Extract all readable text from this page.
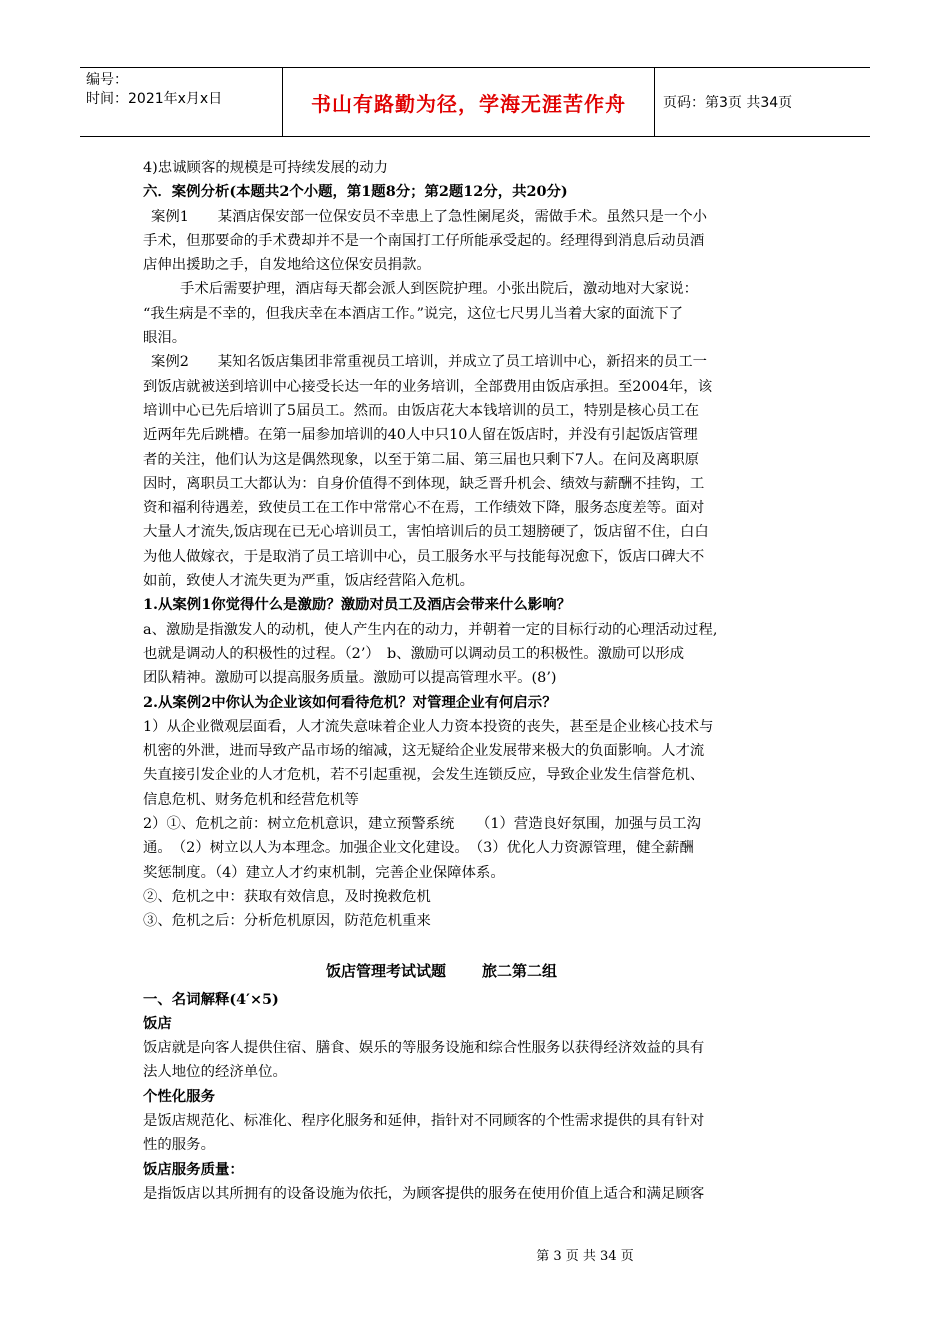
编号：
时间：2021年x月x日	书山有路勤为径，学海无涯苦作舟	页码：第3页 共34页
4)忠诚顾客的规模是可持续发展的动力
六．案例分析(本题共2个小题，第1题8分；第2题12分，共20分)
案例1　　某酒店保安部一位保安员不幸患上了急性阑尾炎，需做手术。虽然只是一个小
手术，但那要命的手术费却并不是一个南国打工仔所能承受起的。经理得到消息后动员酒
店伸出援助之手，自发地给这位保安员捐款。
手术后需要护理，酒店每天都会派人到医院护理。小张出院后，激动地对大家说：
“我生病是不幸的，但我庆幸在本酒店工作。”说完，这位七尺男儿当着大家的面流下了
眼泪。
案例2　　某知名饭店集团非常重视员工培训，并成立了员工培训中心，新招来的员工一
到饭店就被送到培训中心接受长达一年的业务培训，全部费用由饭店承担。至2004年，该
培训中心已先后培训了5届员工。然而。由饭店花大本钱培训的员工，特别是核心员工在
近两年先后跳槽。在第一届参加培训的40人中只10人留在饭店时，并没有引起饭店管理
者的关注，他们认为这是偶然现象，以至于第二届、第三届也只剩下7人。在问及离职原
因时，离职员工大都认为：自身价值得不到体现，缺乏晋升机会、绩效与薪酬不挂钩，工
资和福利待遇差，致使员工在工作中常常心不在焉，工作绩效下降，服务态度差等。面对
大量人才流失,饭店现在已无心培训员工，害怕培训后的员工翅膀硬了，饭店留不住，白白
为他人做嫁衣，于是取消了员工培训中心，员工服务水平与技能每况愈下，饭店口碑大不
如前，致使人才流失更为严重，饭店经营陷入危机。
1.从案例1你觉得什么是激励？激励对员工及酒店会带来什么影响？
a、激励是指激发人的动机，使人产生内在的动力，并朝着一定的目标行动的心理活动过程,
也就是调动人的积极性的过程。（2’）　b、激励可以调动员工的积极性。激励可以形成
团队精神。激励可以提高服务质量。激励可以提高管理水平。(8’)
2.从案例2中你认为企业该如何看待危机？对管理企业有何启示？
1）从企业微观层面看，人才流失意味着企业人力资本投资的丧失，甚至是企业核心技术与
机密的外泄，进而导致产品市场的缩减，这无疑给企业发展带来极大的负面影响。人才流
失直接引发企业的人才危机，若不引起重视，会发生连锁反应，导致企业发生信誉危机、
信息危机、财务危机和经营危机等
2）①、危机之前：树立危机意识，建立预警系统　　（1）营造良好氛围，加强与员工沟
通。　（2）树立以人为本理念。加强企业文化建设。　（3）优化人力资源管理，健全薪酬
奖惩制度。（4）建立人才约束机制，完善企业保障体系。
②、危机之中：获取有效信息，及时挽救危机
③、危机之后：分析危机原因，防范危机重来
饭店管理考试试题 旅二第二组
一、名词解释(4′×5)
饭店
饭店就是向客人提供住宿、膳食、娱乐的等服务设施和综合性服务以获得经济效益的具有
法人地位的经济单位。
个性化服务
是饭店规范化、标准化、程序化服务和延伸，指针对不同顾客的个性需求提供的具有针对
性的服务。
饭店服务质量：
是指饭店以其所拥有的设备设施为依托，为顾客提供的服务在使用价值上适合和满足顾客
第 3 页 共 34 页
